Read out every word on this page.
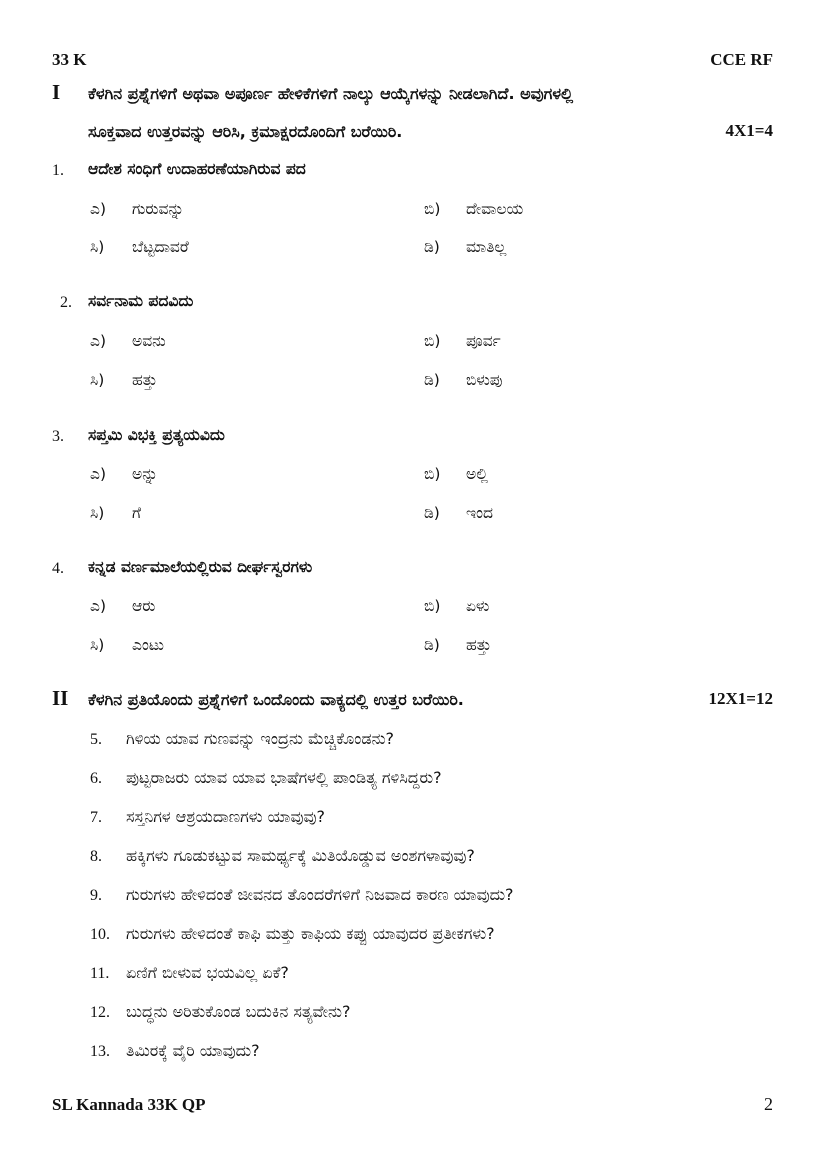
33 K	CCE RF
I ಕೆಳಗಿನ ಪ್ರಶ್ನೆಗಳಿಗೆ ಅಥವಾ ಅಪೂರ್ಣ ಹೇಳಿಕೆಗಳಿಗೆ ನಾಲ್ಕು ಆಯ್ಕೆಗಳನ್ನು ನೀಡಲಾಗಿದೆ. ಅವುಗಳಲ್ಲಿ
ಸೂಕ್ತವಾದ ಉತ್ತರವನ್ನು ಆರಿಸಿ, ಕ್ರಮಾಕ್ಷರದೊಂದಿಗೆ ಬರೆಯಿರಿ.	4X1=4
1. ಆದೇಶ ಸಂಧಿಗೆ ಉದಾಹರಣೆಯಾಗಿರುವ ಪದ
ಎ) ಗುರುವನ್ನು	ಬಿ) ದೇವಾಲಯ
ಸಿ) ಬೆಟ್ಟದಾವರೆ	ಡಿ) ಮಾತಿಲ್ಲ
2. ಸರ್ವನಾಮ ಪದವಿದು
ಎ) ಅವನು	ಬಿ) ಪೂರ್ವ
ಸಿ) ಹತ್ತು	ಡಿ) ಬಿಳುಪು
3. ಸಪ್ತಮಿ ವಿಭಕ್ತಿ ಪ್ರತ್ಯಯವಿದು
ಎ) ಅನ್ನು	ಬಿ) ಅಲ್ಲಿ
ಸಿ) ಗೆ	ಡಿ) ಇಂದ
4. ಕನ್ನಡ ವರ್ಣಮಾಲೆಯಲ್ಲಿರುವ ದೀರ್ಘಸ್ವರಗಳು
ಎ) ಆರು	ಬಿ) ಏಳು
ಸಿ) ಎಂಟು	ಡಿ) ಹತ್ತು
II ಕೆಳಗಿನ ಪ್ರತಿಯೊಂದು ಪ್ರಶ್ನೆಗಳಿಗೆ ಒಂದೊಂದು ವಾಕ್ಯದಲ್ಲಿ ಉತ್ತರ ಬರೆಯಿರಿ.	12X1=12
5. ಗಿಳಿಯ ಯಾವ ಗುಣವನ್ನು ಇಂದ್ರನು ಮೆಚ್ಚಿಕೊಂಡನು?
6. ಪುಟ್ಟರಾಜರು ಯಾವ ಯಾವ ಭಾಷೆಗಳಲ್ಲಿ ಪಾಂಡಿತ್ಯ ಗಳಿಸಿದ್ದರು?
7. ಸಸ್ತನಿಗಳ ಆಶ್ರಯದಾಣಗಳು ಯಾವುವು?
8. ಹಕ್ಕಿಗಳು ಗೂಡುಕಟ್ಟುವ ಸಾಮರ್ಥ್ಯಕ್ಕೆ ಮಿತಿಯೊಡ್ಡುವ ಅಂಶಗಳಾವುವು?
9. ಗುರುಗಳು ಹೇಳಿದಂತೆ ಜೀವನದ ತೊಂದರೆಗಳಿಗೆ ನಿಜವಾದ ಕಾರಣ ಯಾವುದು?
10. ಗುರುಗಳು ಹೇಳಿದಂತೆ ಕಾಫಿ ಮತ್ತು ಕಾಫಿಯ ಕಪ್ಪು ಯಾವುದರ ಪ್ರತೀಕಗಳು?
11. ಏಣಿಗೆ ಬೀಳುವ ಭಯವಿಲ್ಲ ಏಕೆ?
12. ಬುದ್ಧನು ಅರಿತುಕೊಂಡ ಬದುಕಿನ ಸತ್ಯವೇನು?
13. ತಿಮಿರಕ್ಕೆ ವೈರಿ ಯಾವುದು?
SL Kannada 33K QP	2
